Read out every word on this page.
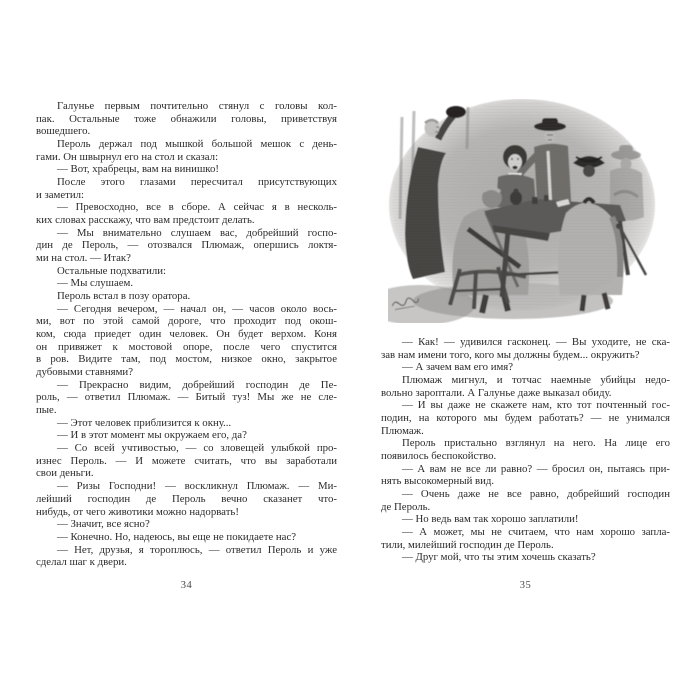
Галунье первым почтительно стянул с головы кол-
пак. Остальные тоже обнажили головы, приветствуя
вошедшего.
Пероль держал под мышкой большой мешок с день-
гами. Он швырнул его на стол и сказал:
— Вот, храбрецы, вам на винишко!
После этого глазами пересчитал присутствующих
и заметил:
— Превосходно, все в сборе. А сейчас я в несколь-
ких словах расскажу, что вам предстоит делать.
— Мы внимательно слушаем вас, добрейший госпо-
дин де Пероль, — отозвался Плюмаж, опершись локтя-
ми на стол. — Итак?
Остальные подхватили:
— Мы слушаем.
Пероль встал в позу оратора.
— Сегодня вечером, — начал он, — часов около вось-
ми, вот по этой самой дороге, что проходит под окош-
ком, сюда приедет один человек. Он будет верхом. Коня
он привяжет к мостовой опоре, после чего спустится
в ров. Видите там, под мостом, низкое окно, закрытое
дубовыми ставнями?
— Прекрасно видим, добрейший господин де Пе-
роль, — ответил Плюмаж. — Битый туз! Мы же не сле-
пые.
— Этот человек приблизится к окну...
— И в этот момент мы окружаем его, да?
— Со всей учтивостью, — со зловещей улыбкой про-
изнес Пероль. — И можете считать, что вы заработали
свои деньги.
— Ризы Господни! — воскликнул Плюмаж. — Ми-
лейший господин де Пероль вечно сказанет что-
нибудь, от чего животики можно надорвать!
— Значит, все ясно?
— Конечно. Но, надеюсь, вы еще не покидаете нас?
— Нет, друзья, я тороплюсь, — ответил Пероль и уже
сделал шаг к двери.
34
— Как! — удивился гасконец. — Вы уходите, не ска-
зав нам имени того, кого мы должны будем... окружить?
— А зачем вам его имя?
Плюмаж мигнул, и тотчас наемные убийцы недо-
вольно зароптали. А Галунье даже выказал обиду.
— И вы даже не скажете нам, кто тот почтенный гос-
подин, на которого мы будем работать? — не унимался
Плюмаж.
Пероль пристально взглянул на него. На лице его
появилось беспокойство.
— А вам не все ли равно? — бросил он, пытаясь при-
нять высокомерный вид.
— Очень даже не все равно, добрейший господин
де Пероль.
— Но ведь вам так хорошо заплатили!
— А может, мы не считаем, что нам хорошо запла-
тили, милейший господин де Пероль.
— Друг мой, что ты этим хочешь сказать?
35
